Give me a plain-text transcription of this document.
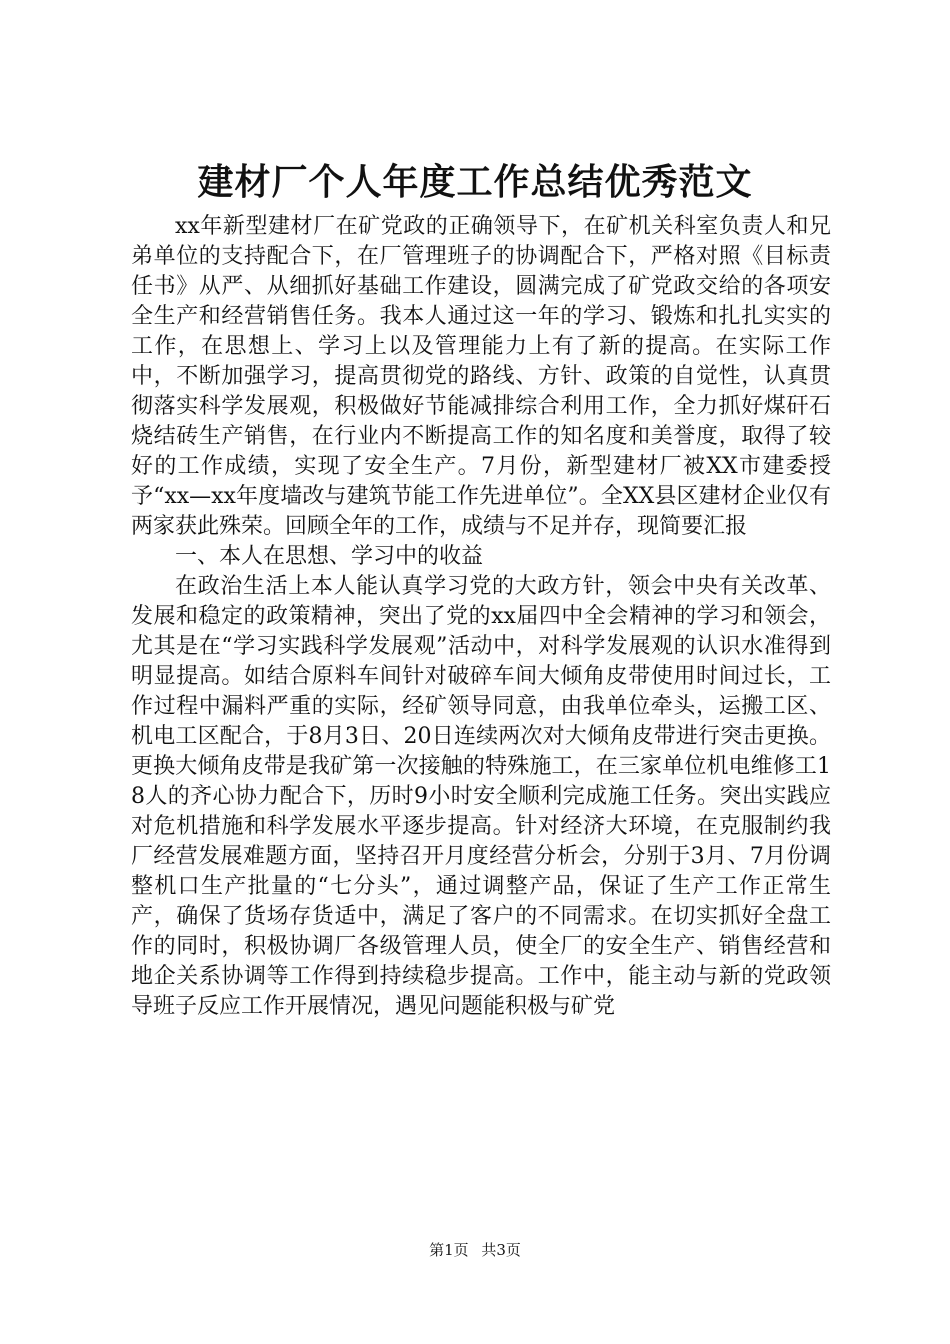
建材厂个人年度工作总结优秀范文

xx年新型建材厂在矿党政的正确领导下，在矿机关科室负责人和兄弟单位的支持配合下，在厂管理班子的协调配合下，严格对照《目标责任书》从严、从细抓好基础工作建设，圆满完成了矿党政交给的各项安全生产和经营销售任务。我本人通过这一年的学习、锻炼和扎扎实实的工作，在思想上、学习上以及管理能力上有了新的提高。在实际工作中，不断加强学习，提高贯彻党的路线、方针、政策的自觉性，认真贯彻落实科学发展观，积极做好节能减排综合利用工作，全力抓好煤矸石烧结砖生产销售，在行业内不断提高工作的知名度和美誉度，取得了较好的工作成绩，实现了安全生产。7月份，新型建材厂被XX市建委授予“xx—xx年度墙改与建筑节能工作先进单位”。全XX县区建材企业仅有两家获此殊荣。回顾全年的工作，成绩与不足并存，现简要汇报

一、本人在思想、学习中的收益

在政治生活上本人能认真学习党的大政方针，领会中央有关改革、发展和稳定的政策精神，突出了党的xx届四中全会精神的学习和领会，尤其是在“学习实践科学发展观”活动中，对科学发展观的认识水准得到明显提高。如结合原料车间针对破碎车间大倾角皮带使用时间过长，工作过程中漏料严重的实际，经矿领导同意，由我单位牵头，运搬工区、机电工区配合，于8月3日、20日连续两次对大倾角皮带进行突击更换。更换大倾角皮带是我矿第一次接触的特殊施工，在三家单位机电维修工18人的齐心协力配合下，历时9小时安全顺利完成施工任务。突出实践应对危机措施和科学发展水平逐步提高。针对经济大环境，在克服制约我厂经营发展难题方面，坚持召开月度经营分析会，分别于3月、7月份调整机口生产批量的“七分头”，通过调整产品，保证了生产工作正常生产，确保了货场存货适中，满足了客户的不同需求。在切实抓好全盘工作的同时，积极协调厂各级管理人员，使全厂的安全生产、销售经营和地企关系协调等工作得到持续稳步提高。工作中，能主动与新的党政领导班子反应工作开展情况，遇见问题能积极与矿党

第1页 共3页
